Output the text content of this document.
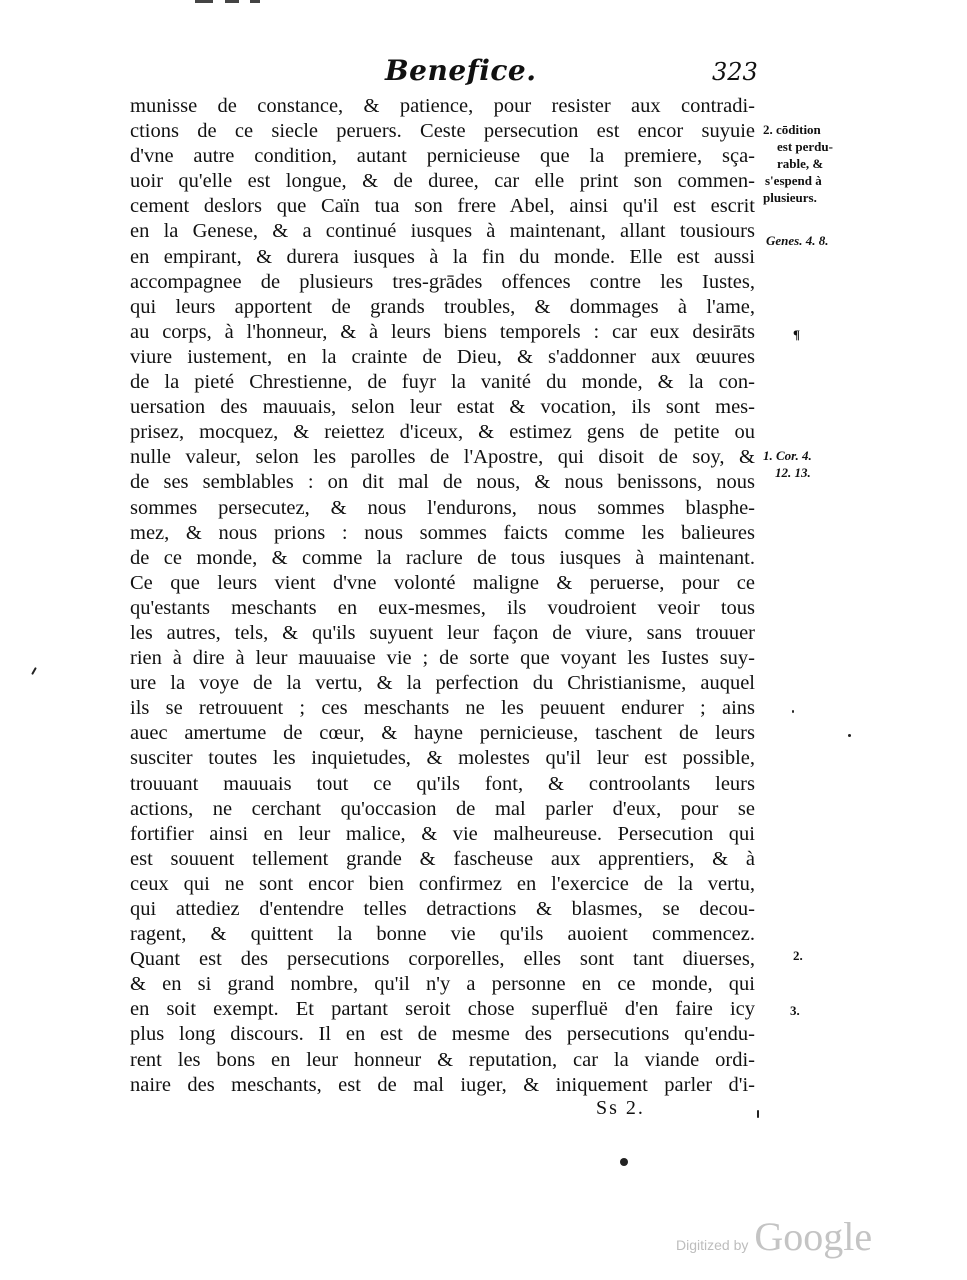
Benefice.	323
munisse de constance, & patience, pour resister aux contradi-
ctions de ce siecle peruers. Ceste persecution est encor suyuie
d'vne autre condition, autant pernicieuse que la premiere, sça-
uoir qu'elle est longue, & de duree, car elle print son commen-
cement deslors que Caïn tua son frere Abel, ainsi qu'il est escrit
en la Genese, & a continué iusques à maintenant, allant tousiours
en empirant, & durera iusques à la fin du monde. Elle est aussi
accompagnee de plusieurs tres-grādes offences contre les Iustes,
qui leurs apportent de grands troubles, & dommages à l'ame,
au corps, à l'honneur, & à leurs biens temporels : car eux desirāts
viure iustement, en la crainte de Dieu, & s'addonner aux œuures
de la pieté Chrestienne, de fuyr la vanité du monde, & la con-
uersation des mauuais, selon leur estat & vocation, ils sont mes-
prisez, mocquez, & reiettez d'iceux, & estimez gens de petite ou
nulle valeur, selon les parolles de l'Apostre, qui disoit de soy, &
de ses semblables : on dit mal de nous, & nous benissons, nous
sommes persecutez, & nous l'endurons, nous sommes blasphe-
mez, & nous prions : nous sommes faicts comme les balieures
de ce monde, & comme la raclure de tous iusques à maintenant.
Ce que leurs vient d'vne volonté maligne & peruerse, pour ce
qu'estants meschants en eux-mesmes, ils voudroient veoir tous
les autres, tels, & qu'ils suyuent leur façon de viure, sans trouuer
rien à dire à leur mauuaise vie ; de sorte que voyant les Iustes suy-
ure la voye de la vertu, & la perfection du Christianisme, auquel
ils se retrouuent ; ces meschants ne les peuuent endurer ; ains
auec amertume de cœur, & hayne pernicieuse, taschent de leurs
susciter toutes les inquietudes, & molestes qu'il leur est possible,
trouuant mauuais tout ce qu'ils font, & controolants leurs
actions, ne cerchant qu'occasion de mal parler d'eux, pour se
fortifier ainsi en leur malice, & vie malheureuse. Persecution qui
est souuent tellement grande & fascheuse aux apprentiers, & à
ceux qui ne sont encor bien confirmez en l'exercice de la vertu,
qui attediez d'entendre telles detractions & blasmes, se decou-
ragent, & quittent la bonne vie qu'ils auoient commencez.
Quant est des persecutions corporelles, elles sont tant diuerses,
& en si grand nombre, qu'il n'y a personne en ce monde, qui
en soit exempt. Et partant seroit chose superfluë d'en faire icy
plus long discours. Il en est de mesme des persecutions qu'endu-
rent les bons en leur honneur & reputation, car la viande ordi-
naire des meschants, est de mal iuger, & iniquement parler d'i-
2. cōdition
est perdu-
rable, &
s'espend à
plusieurs.
Genes. 4. 8.
¶
1. Cor. 4.
12. 13.
2.
3.
Ss 2.
Digitized by Google
